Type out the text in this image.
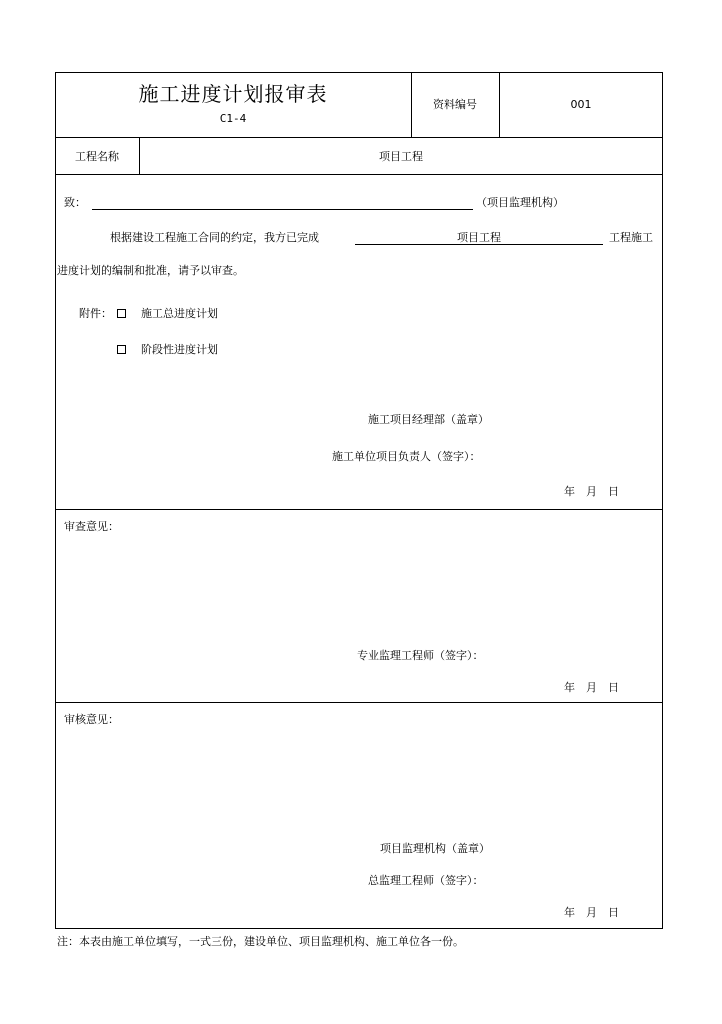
施工进度计划报审表
C1-4
资料编号	001
工程名称	项目工程
致：	（项目监理机构）
根据建设工程施工合同的约定，我方已完成	项目工程	工程施工
进度计划的编制和批准，请予以审查。
附件：	施工总进度计划
阶段性进度计划
施工项目经理部（盖章）
施工单位项目负责人（签字）：
年　月　日
审查意见：
专业监理工程师（签字）：
年　月　日
审核意见：
项目监理机构（盖章）
总监理工程师（签字）：
年　月　日
注：本表由施工单位填写，一式三份，建设单位、项目监理机构、施工单位各一份。
